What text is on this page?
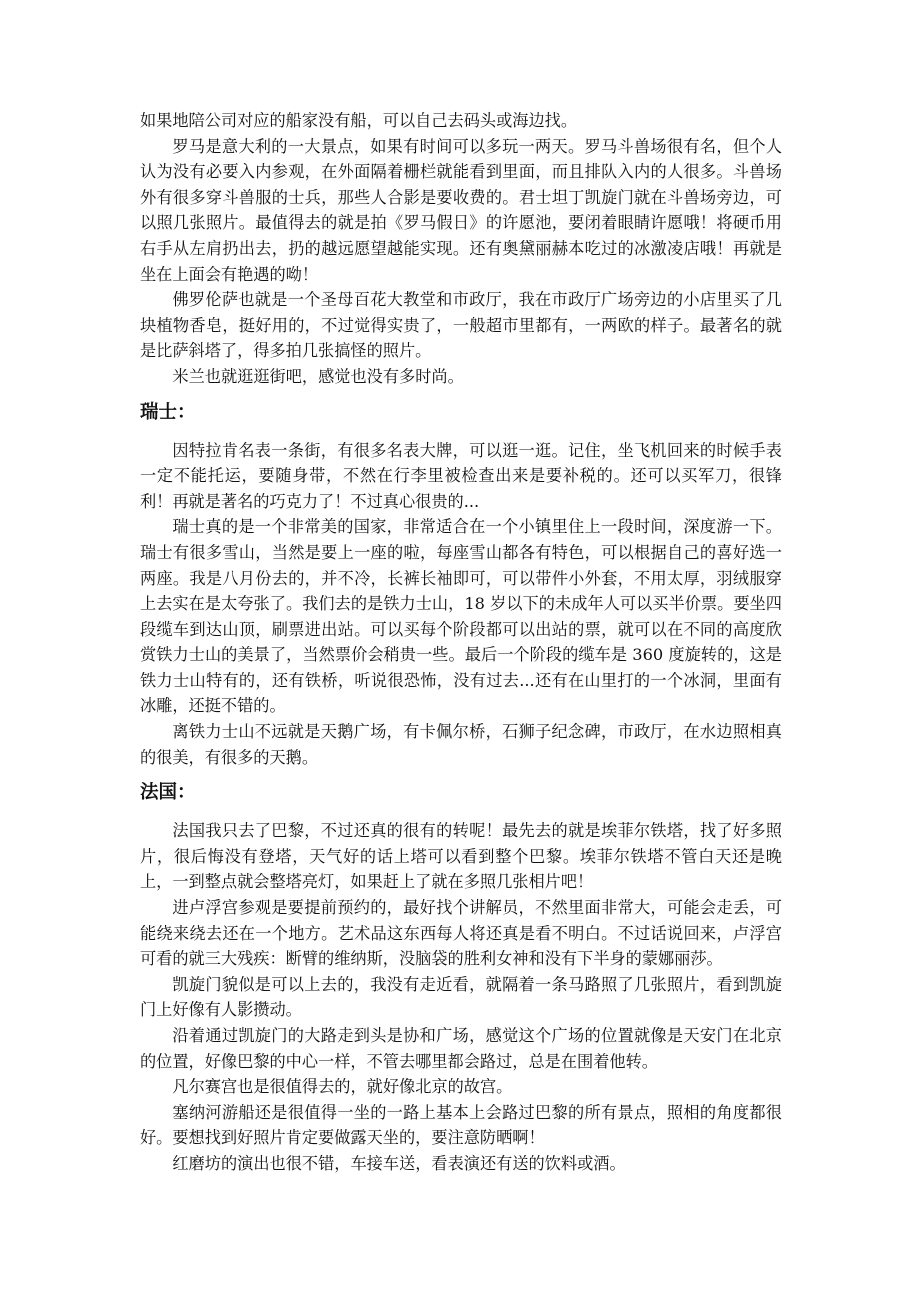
如果地陪公司对应的船家没有船，可以自己去码头或海边找。

罗马是意大利的一大景点，如果有时间可以多玩一两天。罗马斗兽场很有名，但个人认为没有必要入内参观，在外面隔着栅栏就能看到里面，而且排队入内的人很多。斗兽场外有很多穿斗兽服的士兵，那些人合影是要收费的。君士坦丁凯旋门就在斗兽场旁边，可以照几张照片。最值得去的就是拍《罗马假日》的许愿池，要闭着眼睛许愿哦！将硬币用右手从左肩扔出去，扔的越远愿望越能实现。还有奥黛丽赫本吃过的冰激凌店哦！再就是坐在上面会有艳遇的呦！

佛罗伦萨也就是一个圣母百花大教堂和市政厅，我在市政厅广场旁边的小店里买了几块植物香皂，挺好用的，不过觉得实贵了，一般超市里都有，一两欧的样子。最著名的就是比萨斜塔了，得多拍几张搞怪的照片。

米兰也就逛逛街吧，感觉也没有多时尚。

瑞士：

因特拉肯名表一条街，有很多名表大牌，可以逛一逛。记住，坐飞机回来的时候手表一定不能托运，要随身带，不然在行李里被检查出来是要补税的。还可以买军刀，很锋利！再就是著名的巧克力了！不过真心很贵的...

瑞士真的是一个非常美的国家，非常适合在一个小镇里住上一段时间，深度游一下。瑞士有很多雪山，当然是要上一座的啦，每座雪山都各有特色，可以根据自己的喜好选一两座。我是八月份去的，并不冷，长裤长袖即可，可以带件小外套，不用太厚，羽绒服穿上去实在是太夸张了。我们去的是铁力士山，18 岁以下的未成年人可以买半价票。要坐四段缆车到达山顶，刷票进出站。可以买每个阶段都可以出站的票，就可以在不同的高度欣赏铁力士山的美景了，当然票价会稍贵一些。最后一个阶段的缆车是 360 度旋转的，这是铁力士山特有的，还有铁桥，听说很恐怖，没有过去...还有在山里打的一个冰洞，里面有冰雕，还挺不错的。

离铁力士山不远就是天鹅广场，有卡佩尔桥，石狮子纪念碑，市政厅，在水边照相真的很美，有很多的天鹅。

法国：

法国我只去了巴黎，不过还真的很有的转呢！最先去的就是埃菲尔铁塔，找了好多照片，很后悔没有登塔，天气好的话上塔可以看到整个巴黎。埃菲尔铁塔不管白天还是晚上，一到整点就会整塔亮灯，如果赶上了就在多照几张相片吧！

进卢浮宫参观是要提前预约的，最好找个讲解员，不然里面非常大，可能会走丢，可能绕来绕去还在一个地方。艺术品这东西每人将还真是看不明白。不过话说回来，卢浮宫可看的就三大残疾：断臂的维纳斯，没脑袋的胜利女神和没有下半身的蒙娜丽莎。

凯旋门貌似是可以上去的，我没有走近看，就隔着一条马路照了几张照片，看到凯旋门上好像有人影攒动。

沿着通过凯旋门的大路走到头是协和广场，感觉这个广场的位置就像是天安门在北京的位置，好像巴黎的中心一样，不管去哪里都会路过，总是在围着他转。

凡尔赛宫也是很值得去的，就好像北京的故宫。

塞纳河游船还是很值得一坐的一路上基本上会路过巴黎的所有景点，照相的角度都很好。要想找到好照片肯定要做露天坐的，要注意防晒啊！

红磨坊的演出也很不错，车接车送，看表演还有送的饮料或酒。
